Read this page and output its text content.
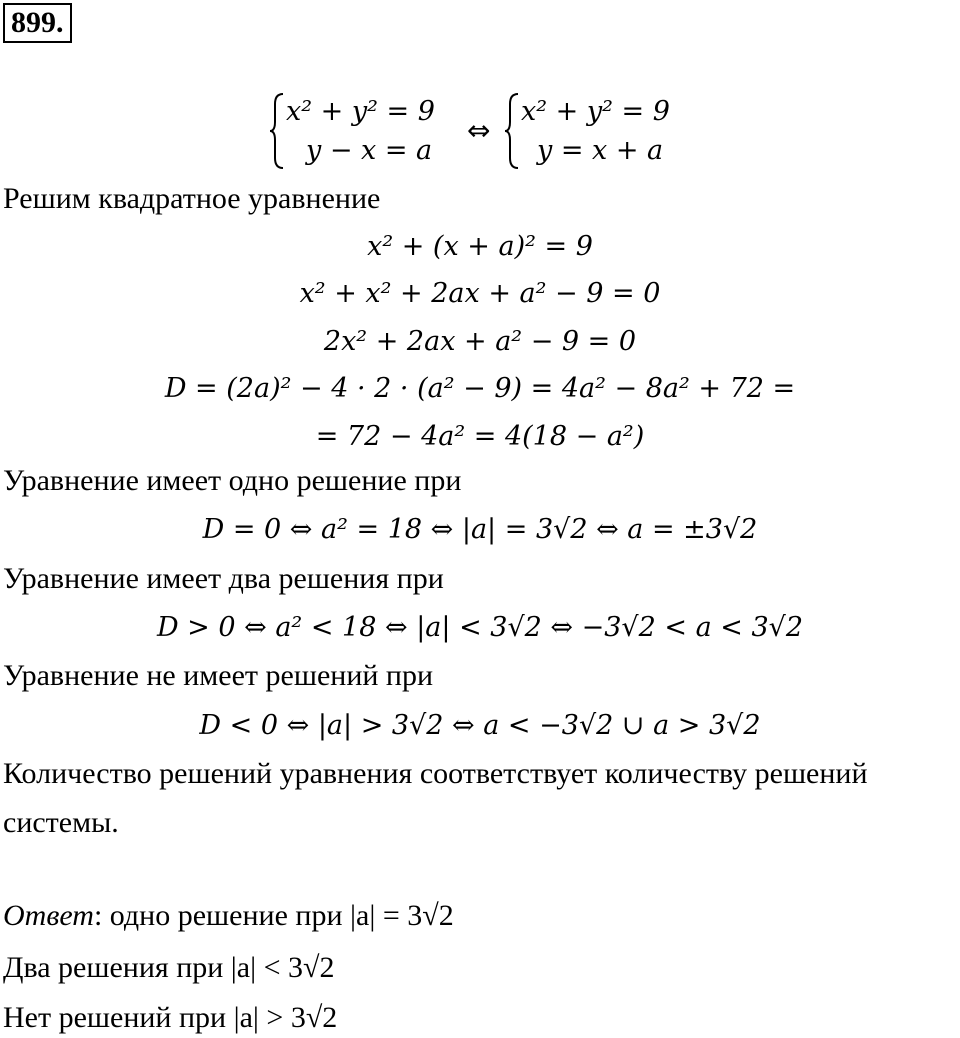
899.
x² + y² = 9
y − x = a
⇔
x² + y² = 9
y = x + a
Решим квадратное уравнение
x² + (x + a)² = 9
x² + x² + 2ax + a² − 9 = 0
2x² + 2ax + a² − 9 = 0
D = (2a)² − 4 · 2 · (a² − 9) = 4a² − 8a² + 72 =
= 72 − 4a² = 4(18 − a²)
Уравнение имеет одно решение при
D = 0 ⇔ a² = 18 ⇔ |a| = 3√2 ⇔ a = ±3√2
Уравнение имеет два решения при
D > 0 ⇔ a² < 18 ⇔ |a| < 3√2 ⇔ −3√2 < a < 3√2
Уравнение не имеет решений при
D < 0 ⇔ |a| > 3√2 ⇔ a < −3√2 ∪ a > 3√2
Количество решений уравнения соответствует количеству решений
системы.
Ответ: одно решение при |a| = 3√2
Два решения при |a| < 3√2
Нет решений при |a| > 3√2
